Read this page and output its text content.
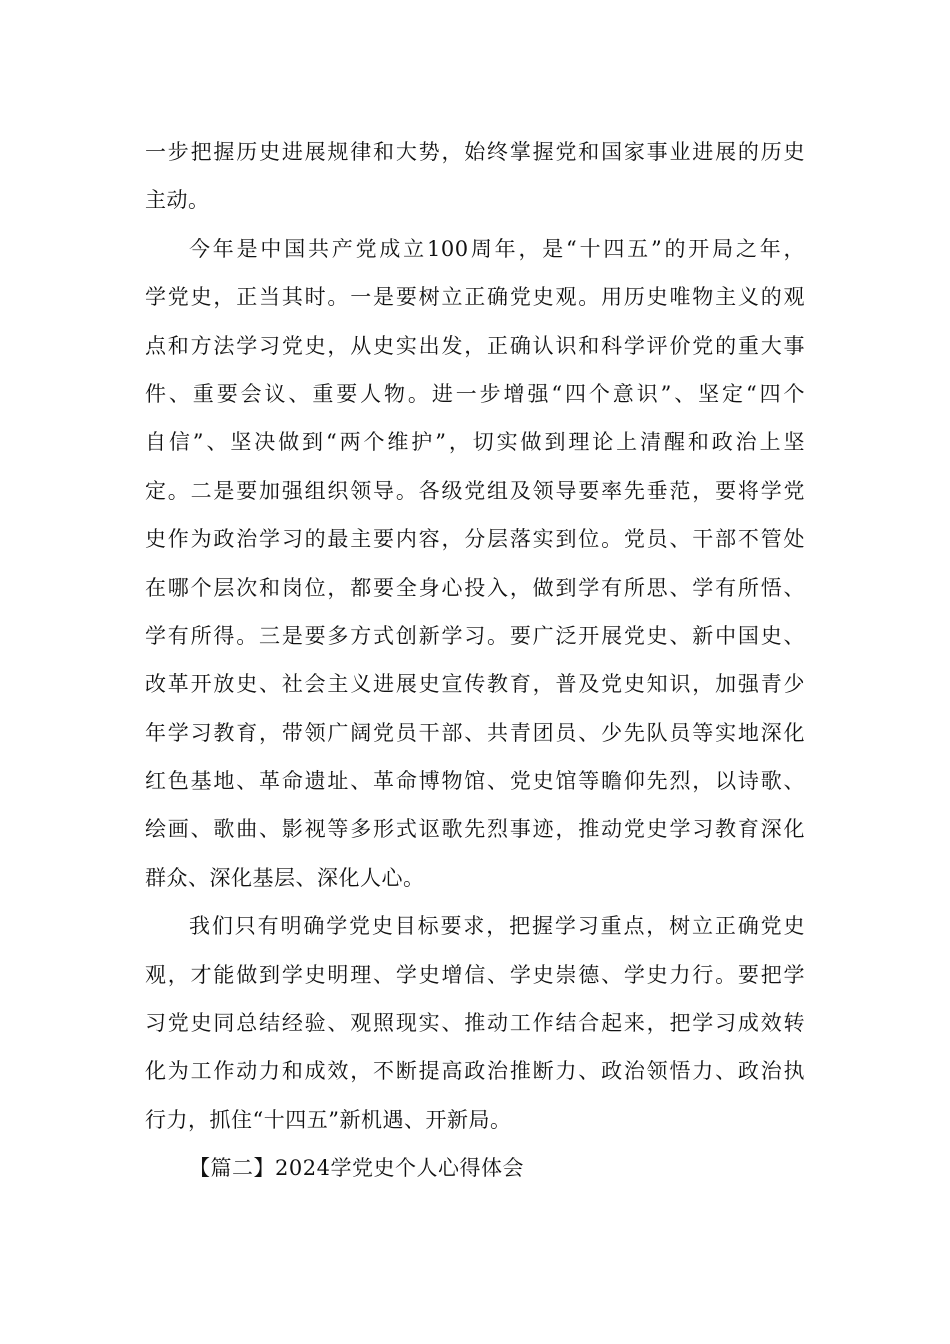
一步把握历史进展规律和大势，始终掌握党和国家事业进展的历史
主动。
今年是中国共产党成立100周年，是“十四五”的开局之年，
学党史，正当其时。一是要树立正确党史观。用历史唯物主义的观
点和方法学习党史，从史实出发，正确认识和科学评价党的重大事
件、重要会议、重要人物。进一步增强“四个意识”、坚定“四个
自信”、坚决做到“两个维护”，切实做到理论上清醒和政治上坚
定。二是要加强组织领导。各级党组及领导要率先垂范，要将学党
史作为政治学习的最主要内容，分层落实到位。党员、干部不管处
在哪个层次和岗位，都要全身心投入，做到学有所思、学有所悟、
学有所得。三是要多方式创新学习。要广泛开展党史、新中国史、
改革开放史、社会主义进展史宣传教育，普及党史知识，加强青少
年学习教育，带领广阔党员干部、共青团员、少先队员等实地深化
红色基地、革命遗址、革命博物馆、党史馆等瞻仰先烈，以诗歌、
绘画、歌曲、影视等多形式讴歌先烈事迹，推动党史学习教育深化
群众、深化基层、深化人心。
我们只有明确学党史目标要求，把握学习重点，树立正确党史
观，才能做到学史明理、学史增信、学史崇德、学史力行。要把学
习党史同总结经验、观照现实、推动工作结合起来，把学习成效转
化为工作动力和成效，不断提高政治推断力、政治领悟力、政治执
行力，抓住“十四五”新机遇、开新局。
【篇二】2024学党史个人心得体会
